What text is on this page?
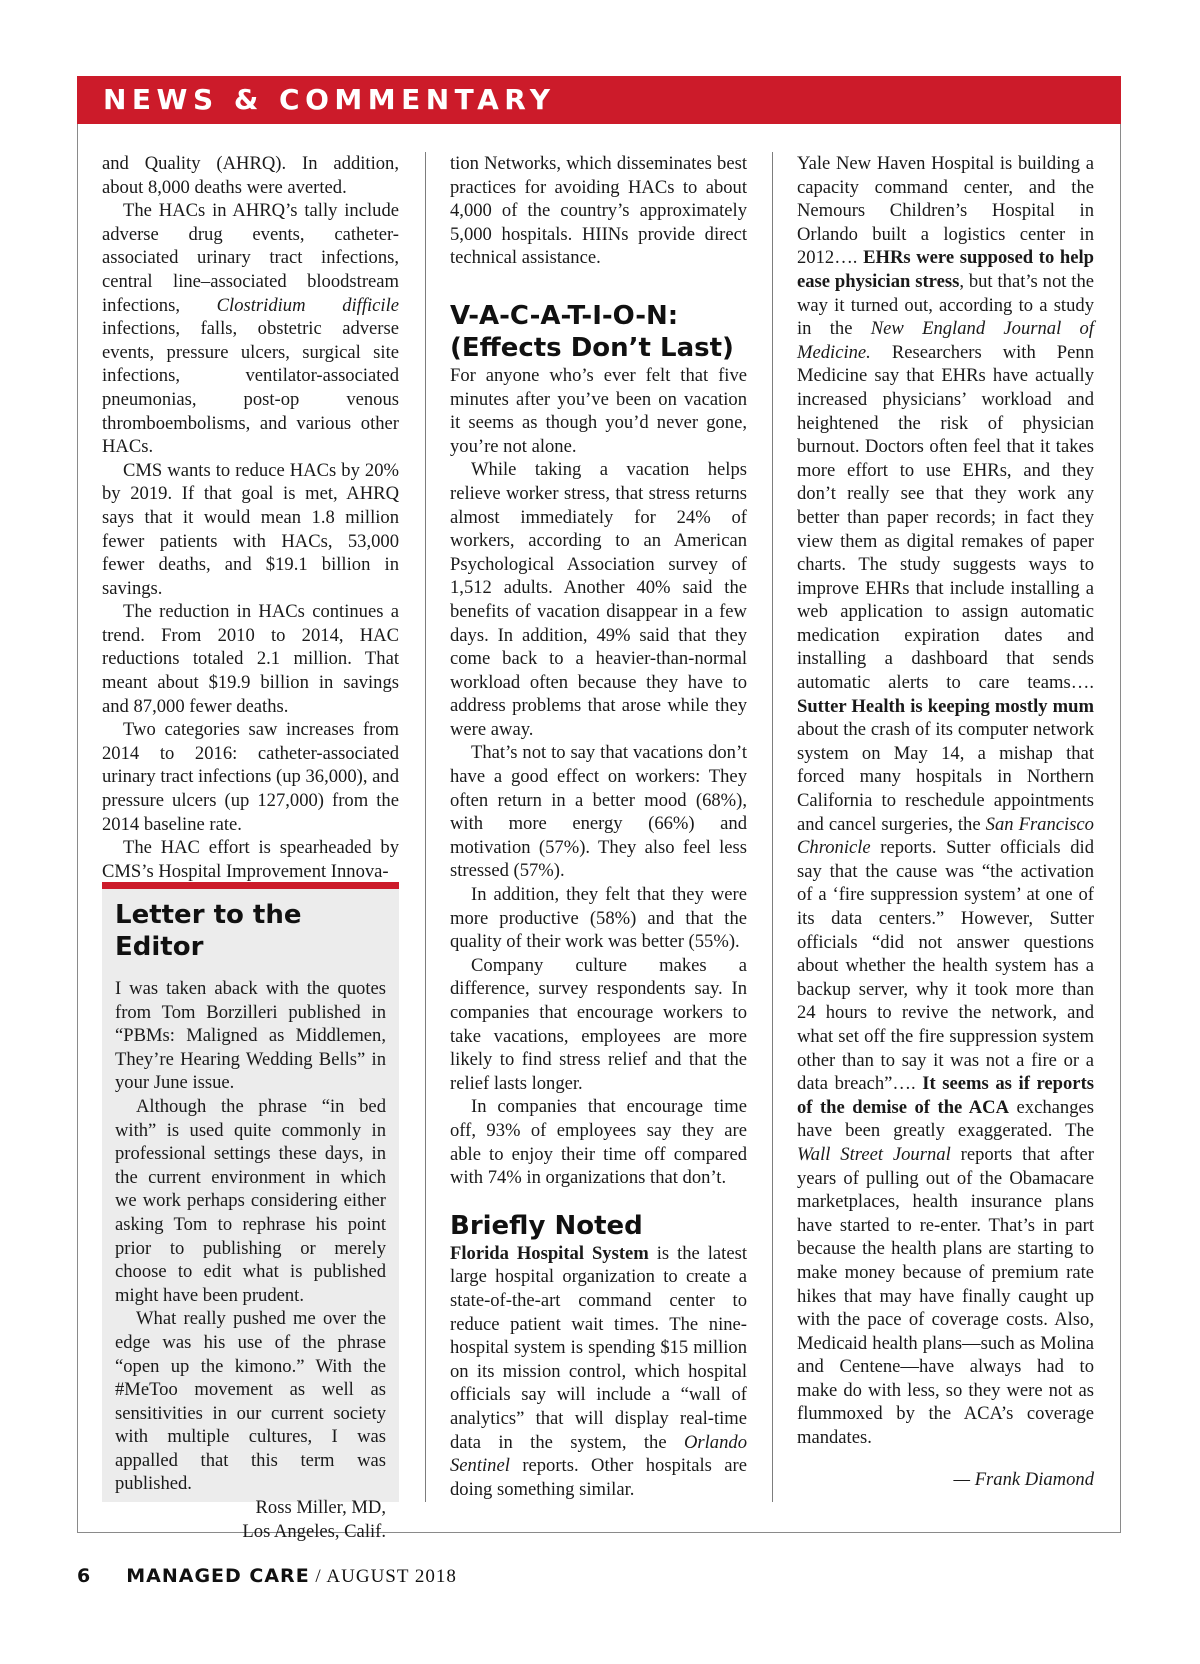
NEWS & COMMENTARY

and Quality (AHRQ). In addition, about 8,000 deaths were averted.

The HACs in AHRQ’s tally include adverse drug events, catheter-associated urinary tract infections, central line–associated bloodstream infections, Clostridium difficile infections, falls, obstetric adverse events, pressure ulcers, surgical site infections, ventilator-associated pneumonias, post-op venous thromboembolisms, and various other HACs.

CMS wants to reduce HACs by 20% by 2019. If that goal is met, AHRQ says that it would mean 1.8 million fewer patients with HACs, 53,000 fewer deaths, and $19.1 billion in savings.

The reduction in HACs continues a trend. From 2010 to 2014, HAC reductions totaled 2.1 million. That meant about $19.9 billion in savings and 87,000 fewer deaths.

Two categories saw increases from 2014 to 2016: catheter-associated urinary tract infections (up 36,000), and pressure ulcers (up 127,000) from the 2014 baseline rate.

The HAC effort is spearheaded by CMS’s Hospital Improvement Innova-

Letter to the Editor

I was taken aback with the quotes from Tom Borzilleri published in “PBMs: Maligned as Middlemen, They’re Hearing Wedding Bells” in your June issue.

Although the phrase “in bed with” is used quite commonly in professional settings these days, in the current environment in which we work perhaps considering either asking Tom to rephrase his point prior to publishing or merely choose to edit what is published might have been prudent.

What really pushed me over the edge was his use of the phrase “open up the kimono.” With the #MeToo movement as well as sensitivities in our current society with multiple cultures, I was appalled that this term was published.

Ross Miller, MD,
Los Angeles, Calif.

tion Networks, which disseminates best practices for avoiding HACs to about 4,000 of the country’s approximately 5,000 hospitals. HIINs provide direct technical assistance.

V-A-C-A-T-I-O-N:
(Effects Don’t Last)

For anyone who’s ever felt that five minutes after you’ve been on vacation it seems as though you’d never gone, you’re not alone.

While taking a vacation helps relieve worker stress, that stress returns almost immediately for 24% of workers, according to an American Psychological Association survey of 1,512 adults. Another 40% said the benefits of vacation disappear in a few days. In addition, 49% said that they come back to a heavier-than-normal workload often because they have to address problems that arose while they were away.

That’s not to say that vacations don’t have a good effect on workers: They often return in a better mood (68%), with more energy (66%) and motivation (57%). They also feel less stressed (57%).

In addition, they felt that they were more productive (58%) and that the quality of their work was better (55%).

Company culture makes a difference, survey respondents say. In companies that encourage workers to take vacations, employees are more likely to find stress relief and that the relief lasts longer.

In companies that encourage time off, 93% of employees say they are able to enjoy their time off compared with 74% in organizations that don’t.

Briefly Noted

Florida Hospital System is the latest large hospital organization to create a state-of-the-art command center to reduce patient wait times. The nine-hospital system is spending $15 million on its mission control, which hospital officials say will include a “wall of analytics” that will display real-time data in the system, the Orlando Sentinel reports. Other hospitals are doing something similar.

Yale New Haven Hospital is building a capacity command center, and the Nemours Children’s Hospital in Orlando built a logistics center in 2012…. EHRs were supposed to help ease physician stress, but that’s not the way it turned out, according to a study in the New England Journal of Medicine. Researchers with Penn Medicine say that EHRs have actually increased physicians’ workload and heightened the risk of physician burnout. Doctors often feel that it takes more effort to use EHRs, and they don’t really see that they work any better than paper records; in fact they view them as digital remakes of paper charts. The study suggests ways to improve EHRs that include installing a web application to assign automatic medication expiration dates and installing a dashboard that sends automatic alerts to care teams…. Sutter Health is keeping mostly mum about the crash of its computer network system on May 14, a mishap that forced many hospitals in Northern California to reschedule appointments and cancel surgeries, the San Francisco Chronicle reports. Sutter officials did say that the cause was “the activation of a ‘fire suppression system’ at one of its data centers.” However, Sutter officials “did not answer questions about whether the health system has a backup server, why it took more than 24 hours to revive the network, and what set off the fire suppression system other than to say it was not a fire or a data breach”…. It seems as if reports of the demise of the ACA exchanges have been greatly exaggerated. The Wall Street Journal reports that after years of pulling out of the Obamacare marketplaces, health insurance plans have started to re-enter. That’s in part because the health plans are starting to make money because of premium rate hikes that may have finally caught up with the pace of coverage costs. Also, Medicaid health plans—such as Molina and Centene—have always had to make do with less, so they were not as flummoxed by the ACA’s coverage mandates.

— Frank Diamond
6 MANAGED CARE / AUGUST 2018
